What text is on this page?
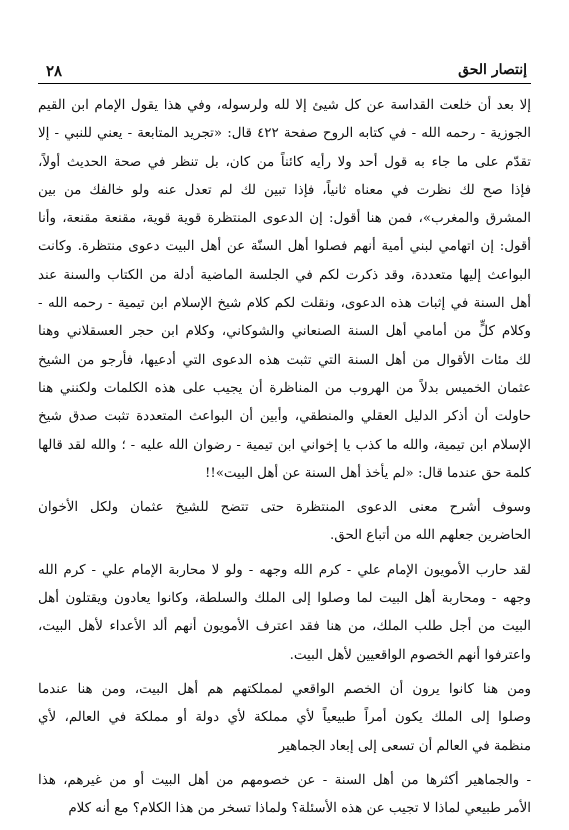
٢٨	إنتصار الحق
إلا بعد أن خلعت القداسة عن كل شيئ إلا لله ولرسوله، وفي هذا يقول الإمام ابن القيم
الجوزية - رحمه الله - في كتابه الروح صفحة ٤٢٢ قال: «تجريد المتابعة - يعني للنبي - إلا
تقدّم على ما جاء به قول أحد ولا رأيه كائناً من كان، بل تنظر في صحة الحديث أولاً،
فإذا صح لك نظرت في معناه ثانياً، فإذا تبين لك لم تعدل عنه ولو خالفك من بين
المشرق والمغرب»، فمن هنا أقول: إن الدعوى المنتظرة قوية قوية، مقنعة مقنعة، وأنا
أقول: إن اتهامي لبني أمية أنهم فصلوا أهل السنّة عن أهل البيت دعوى منتظرة. وكانت
البواعث إليها متعددة، وقد ذكرت لكم في الجلسة الماضية أدلة من الكتاب والسنة عند
أهل السنة في إثبات هذه الدعوى، ونقلت لكم كلام شيخ الإسلام ابن تيمية - رحمه الله -
وكلام كلٍّ من أمامي أهل السنة الصنعاني والشوكاني، وكلام ابن حجر العسقلاني وهنا
لك مئات الأقوال من أهل السنة التي تثبت هذه الدعوى التي أدعيها، فأرجو من الشيخ
عثمان الخميس بدلاً من الهروب من المناظرة أن يجيب على هذه الكلمات ولكنني هنا
حاولت أن أذكر الدليل العقلي والمنطقي، وأبين أن البواعث المتعددة تثبت صدق شيخ
الإسلام ابن تيمية، والله ما كذب يا إخواني ابن تيمية - رضوان الله عليه - ؛ والله لقد قالها
كلمة حق عندما قال: «لم يأخذ أهل السنة عن أهل البيت»!!
وسوف أشرح معنى الدعوى المنتظرة حتى تتضح للشيخ عثمان ولكل الأخوان
الحاضرين جعلهم الله من أتباع الحق.
لقد حارب الأمويون الإمام علي - كرم الله وجهه - ولو لا محاربة الإمام علي - كرم الله
وجهه - ومحاربة أهل البيت لما وصلوا إلى الملك والسلطة، وكانوا يعادون ويقتلون أهل
البيت من أجل طلب الملك، من هنا فقد اعترف الأمويون أنهم ألد الأعداء لأهل البيت،
واعترفوا أنهم الخصوم الواقعيين لأهل البيت.
ومن هنا كانوا يرون أن الخصم الواقعي لمملكتهم هم أهل البيت، ومن هنا عندما
وصلوا إلى الملك يكون أمراً طبيعياً لأي مملكة لأي دولة أو مملكة في العالم، لأي
منظمة في العالم أن تسعى إلى إبعاد الجماهير
- والجماهير أكثرها من أهل السنة - عن خصومهم من أهل البيت أو من غيرهم، هذا
الأمر طبيعي لماذا لا تجيب عن هذه الأسئلة؟ ولماذا تسخر من هذا الكلام؟ مع أنه كلام
